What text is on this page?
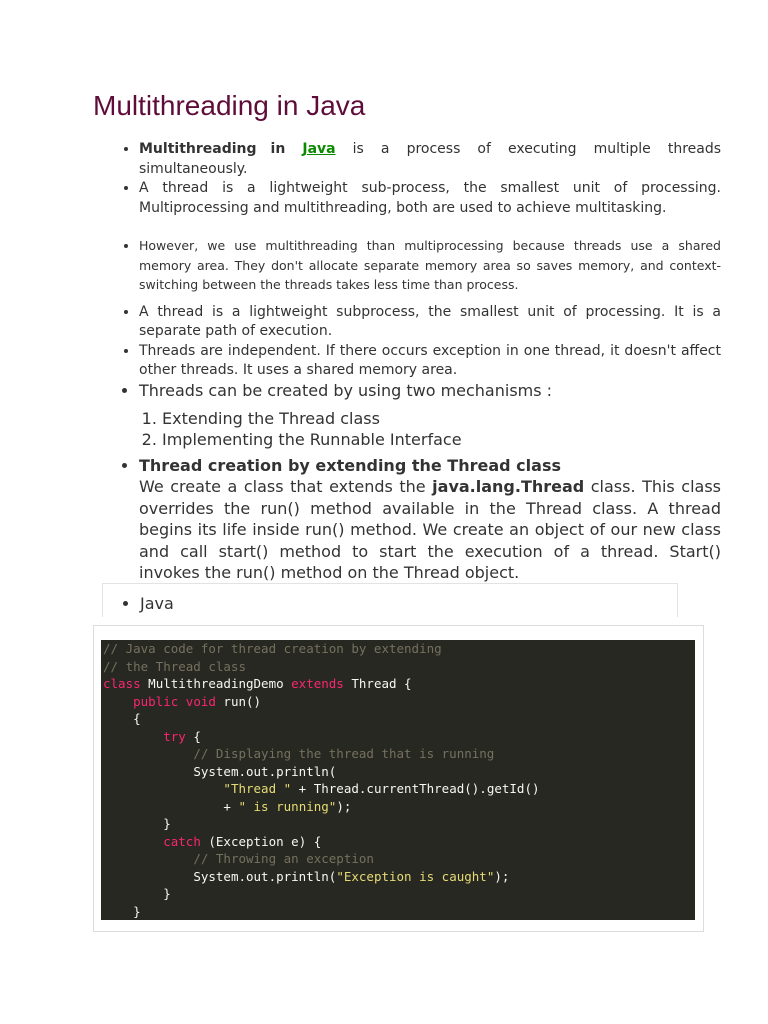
Multithreading in Java
• Multithreading in Java is a process of executing multiple threads simultaneously.
• A thread is a lightweight sub-process, the smallest unit of processing. Multiprocessing and multithreading, both are used to achieve multitasking.
• However, we use multithreading than multiprocessing because threads use a shared memory area. They don't allocate separate memory area so saves memory, and context-switching between the threads takes less time than process.
• A thread is a lightweight subprocess, the smallest unit of processing. It is a separate path of execution.
• Threads are independent. If there occurs exception in one thread, it doesn't affect other threads. It uses a shared memory area.
• Threads can be created by using two mechanisms :
1. Extending the Thread class
2. Implementing the Runnable Interface
• Thread creation by extending the Thread class
We create a class that extends the java.lang.Thread class. This class overrides the run() method available in the Thread class. A thread begins its life inside run() method. We create an object of our new class and call start() method to start the execution of a thread. Start() invokes the run() method on the Thread object.
• Java
// Java code for thread creation by extending
// the Thread class
class MultithreadingDemo extends Thread {
public void run()
{
try {
// Displaying the thread that is running
System.out.println(
"Thread " + Thread.currentThread().getId()
+ " is running");
}
catch (Exception e) {
// Throwing an exception
System.out.println("Exception is caught");
}
}
